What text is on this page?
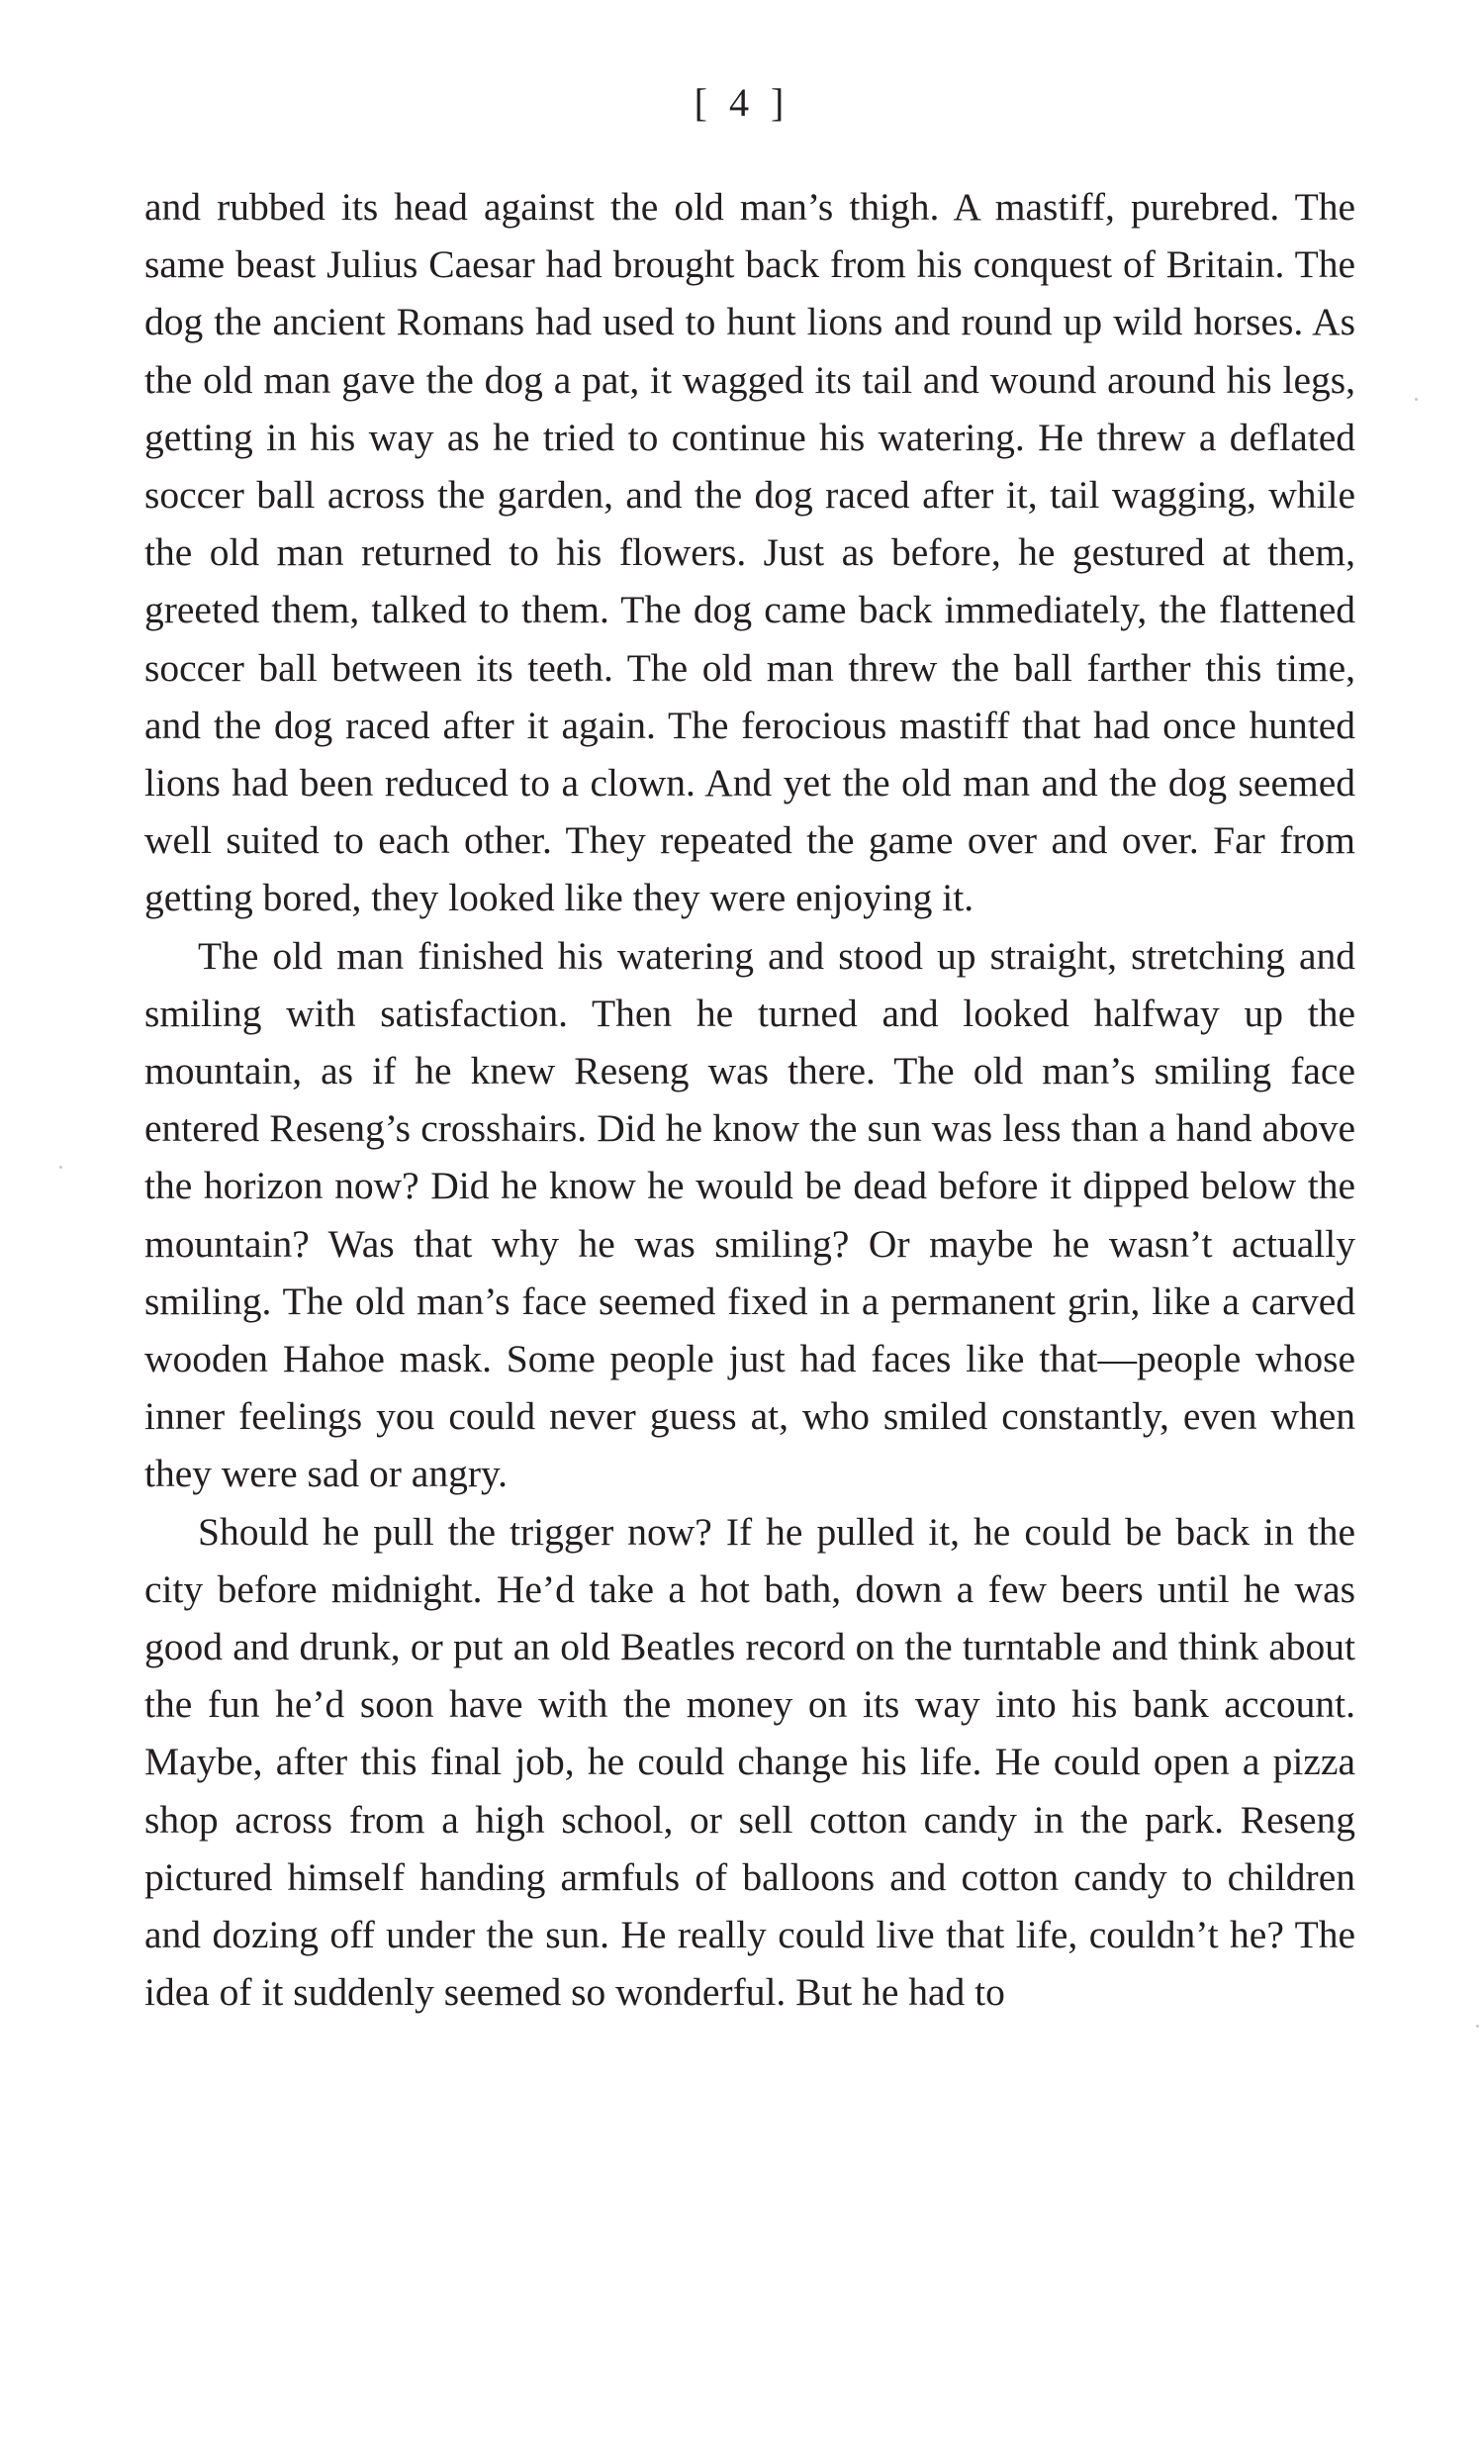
[ 4 ]

and rubbed its head against the old man’s thigh. A mastiff, purebred. The same beast Julius Caesar had brought back from his conquest of Britain. The dog the ancient Romans had used to hunt lions and round up wild horses. As the old man gave the dog a pat, it wagged its tail and wound around his legs, getting in his way as he tried to continue his watering. He threw a deflated soccer ball across the garden, and the dog raced after it, tail wagging, while the old man returned to his flowers. Just as before, he gestured at them, greeted them, talked to them. The dog came back immediately, the flattened soccer ball between its teeth. The old man threw the ball farther this time, and the dog raced after it again. The ferocious mastiff that had once hunted lions had been reduced to a clown. And yet the old man and the dog seemed well suited to each other. They repeated the game over and over. Far from getting bored, they looked like they were enjoying it.

The old man finished his watering and stood up straight, stretching and smiling with satisfaction. Then he turned and looked halfway up the mountain, as if he knew Reseng was there. The old man’s smiling face entered Reseng’s crosshairs. Did he know the sun was less than a hand above the horizon now? Did he know he would be dead before it dipped below the mountain? Was that why he was smiling? Or maybe he wasn’t actually smiling. The old man’s face seemed fixed in a permanent grin, like a carved wooden Hahoe mask. Some people just had faces like that—people whose inner feelings you could never guess at, who smiled constantly, even when they were sad or angry.

Should he pull the trigger now? If he pulled it, he could be back in the city before midnight. He’d take a hot bath, down a few beers until he was good and drunk, or put an old Beatles record on the turntable and think about the fun he’d soon have with the money on its way into his bank account. Maybe, after this final job, he could change his life. He could open a pizza shop across from a high school, or sell cotton candy in the park. Reseng pictured himself handing armfuls of balloons and cotton candy to children and dozing off under the sun. He really could live that life, couldn’t he? The idea of it suddenly seemed so wonderful. But he had to
